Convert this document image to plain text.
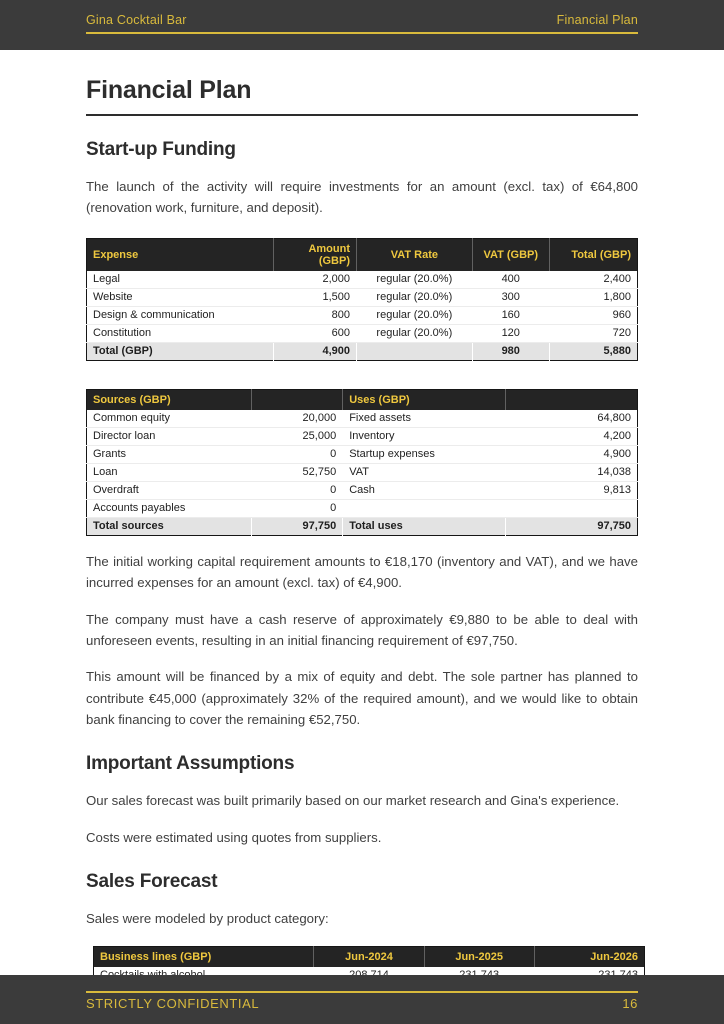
Gina Cocktail Bar	Financial Plan
Financial Plan
Start-up Funding

The launch of the activity will require investments for an amount (excl. tax) of €64,800 (renovation work, furniture, and deposit).

Expense	Amount (GBP)	VAT Rate	VAT (GBP)	Total (GBP)
Legal	2,000	regular (20.0%)	400	2,400
Website	1,500	regular (20.0%)	300	1,800
Design & communication	800	regular (20.0%)	160	960
Constitution	600	regular (20.0%)	120	720
Total (GBP)	4,900		980	5,880
Sources (GBP)		Uses (GBP)	
Common equity	20,000	Fixed assets	64,800
Director loan	25,000	Inventory	4,200
Grants	0	Startup expenses	4,900
Loan	52,750	VAT	14,038
Overdraft	0	Cash	9,813
Accounts payables	0		
Total sources	97,750	Total uses	97,750

The initial working capital requirement amounts to €18,170 (inventory and VAT), and we have incurred expenses for an amount (excl. tax) of €4,900.

The company must have a cash reserve of approximately €9,880 to be able to deal with unforeseen events, resulting in an initial financing requirement of €97,750.

This amount will be financed by a mix of equity and debt. The sole partner has planned to contribute €45,000 (approximately 32% of the required amount), and we would like to obtain bank financing to cover the remaining €52,750.

Important Assumptions

Our sales forecast was built primarily based on our market research and Gina's experience.

Costs were estimated using quotes from suppliers.

Sales Forecast

Sales were modeled by product category:

Business lines (GBP)	Jun-2024	Jun-2025	Jun-2026

STRICTLY CONFIDENTIAL	16
